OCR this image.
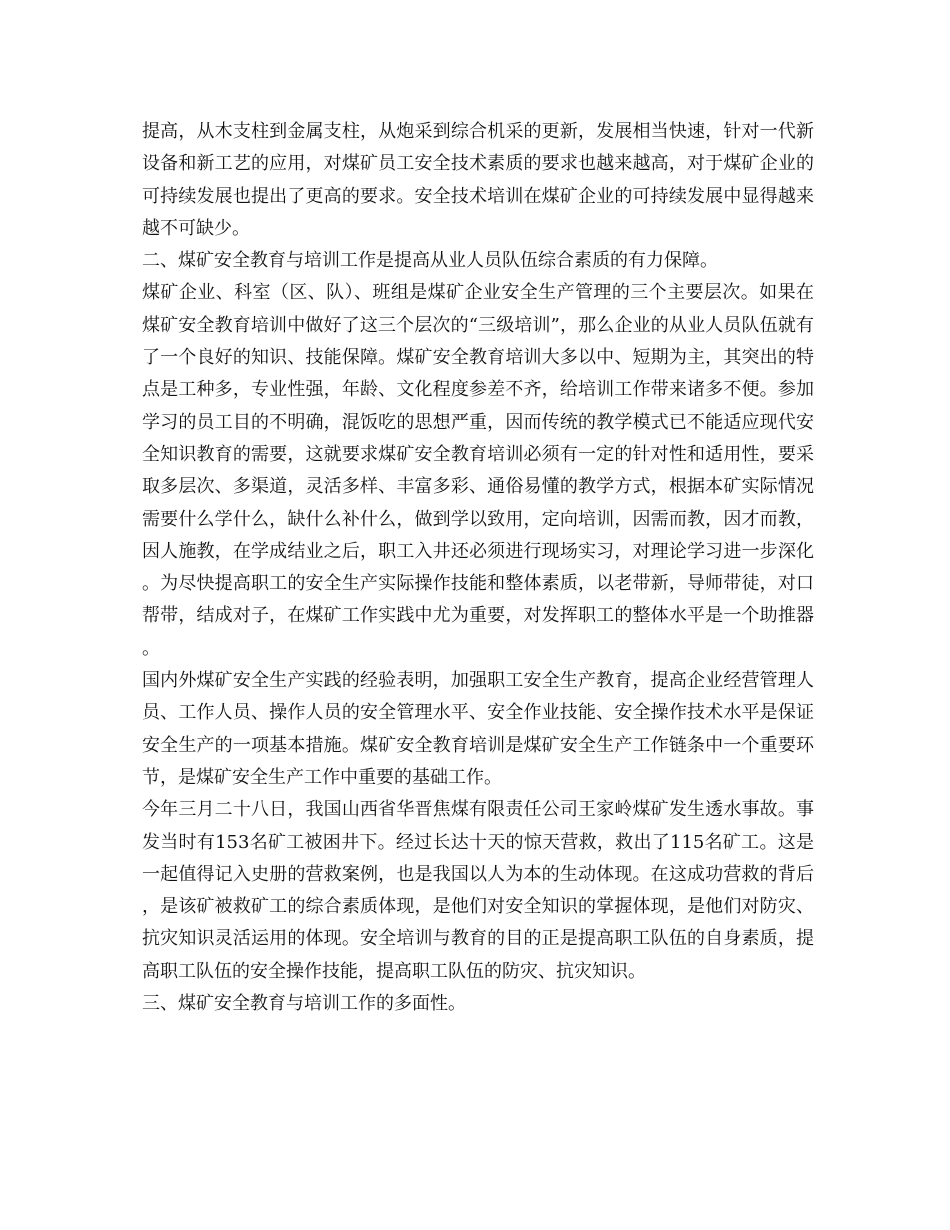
提高，从木支柱到金属支柱，从炮采到综合机采的更新，发展相当快速，针对一代新设备和新工艺的应用，对煤矿员工安全技术素质的要求也越来越高，对于煤矿企业的可持续发展也提出了更高的要求。安全技术培训在煤矿企业的可持续发展中显得越来越不可缺少。

二、煤矿安全教育与培训工作是提高从业人员队伍综合素质的有力保障。

煤矿企业、科室（区、队）、班组是煤矿企业安全生产管理的三个主要层次。如果在煤矿安全教育培训中做好了这三个层次的“三级培训”，那么企业的从业人员队伍就有了一个良好的知识、技能保障。煤矿安全教育培训大多以中、短期为主，其突出的特点是工种多，专业性强，年龄、文化程度参差不齐，给培训工作带来诸多不便。参加学习的员工目的不明确，混饭吃的思想严重，因而传统的教学模式已不能适应现代安全知识教育的需要，这就要求煤矿安全教育培训必须有一定的针对性和适用性，要采取多层次、多渠道，灵活多样、丰富多彩、通俗易懂的教学方式，根据本矿实际情况需要什么学什么，缺什么补什么，做到学以致用，定向培训，因需而教，因才而教，因人施教，在学成结业之后，职工入井还必须进行现场实习，对理论学习进一步深化。为尽快提高职工的安全生产实际操作技能和整体素质，以老带新，导师带徒，对口帮带，结成对子，在煤矿工作实践中尤为重要，对发挥职工的整体水平是一个助推器。

国内外煤矿安全生产实践的经验表明，加强职工安全生产教育，提高企业经营管理人员、工作人员、操作人员的安全管理水平、安全作业技能、安全操作技术水平是保证安全生产的一项基本措施。煤矿安全教育培训是煤矿安全生产工作链条中一个重要环节，是煤矿安全生产工作中重要的基础工作。

今年三月二十八日，我国山西省华晋焦煤有限责任公司王家岭煤矿发生透水事故。事发当时有153名矿工被困井下。经过长达十天的惊天营救，救出了115名矿工。这是一起值得记入史册的营救案例，也是我国以人为本的生动体现。在这成功营救的背后，是该矿被救矿工的综合素质体现，是他们对安全知识的掌握体现，是他们对防灾、抗灾知识灵活运用的体现。安全培训与教育的目的正是提高职工队伍的自身素质，提高职工队伍的安全操作技能，提高职工队伍的防灾、抗灾知识。

三、煤矿安全教育与培训工作的多面性。
